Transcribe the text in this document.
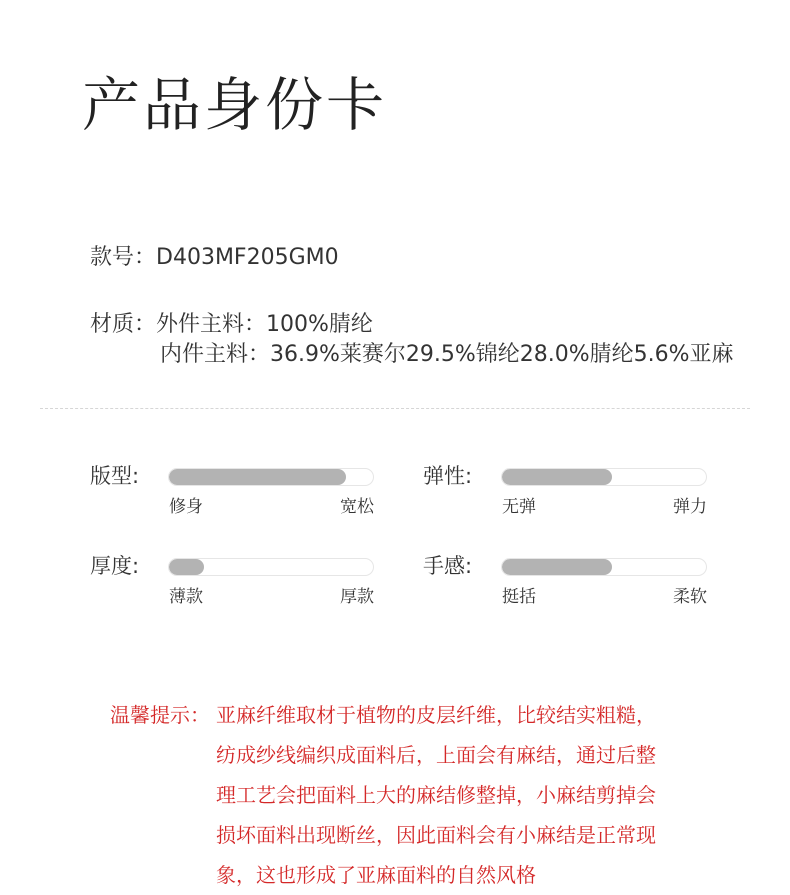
产品身份卡
款号：D403MF205GM0
材质：外件主料：100%腈纶
内件主料：36.9%莱赛尔29.5%锦纶28.0%腈纶5.6%亚麻
版型:
修身	宽松
弹性:
无弹	弹力
厚度:
薄款	厚款
手感:
挺括	柔软
温馨提示： 亚麻纤维取材于植物的皮层纤维，比较结实粗糙，
纺成纱线编织成面料后，上面会有麻结，通过后整
理工艺会把面料上大的麻结修整掉，小麻结剪掉会
损坏面料出现断丝，因此面料会有小麻结是正常现
象，这也形成了亚麻面料的自然风格
